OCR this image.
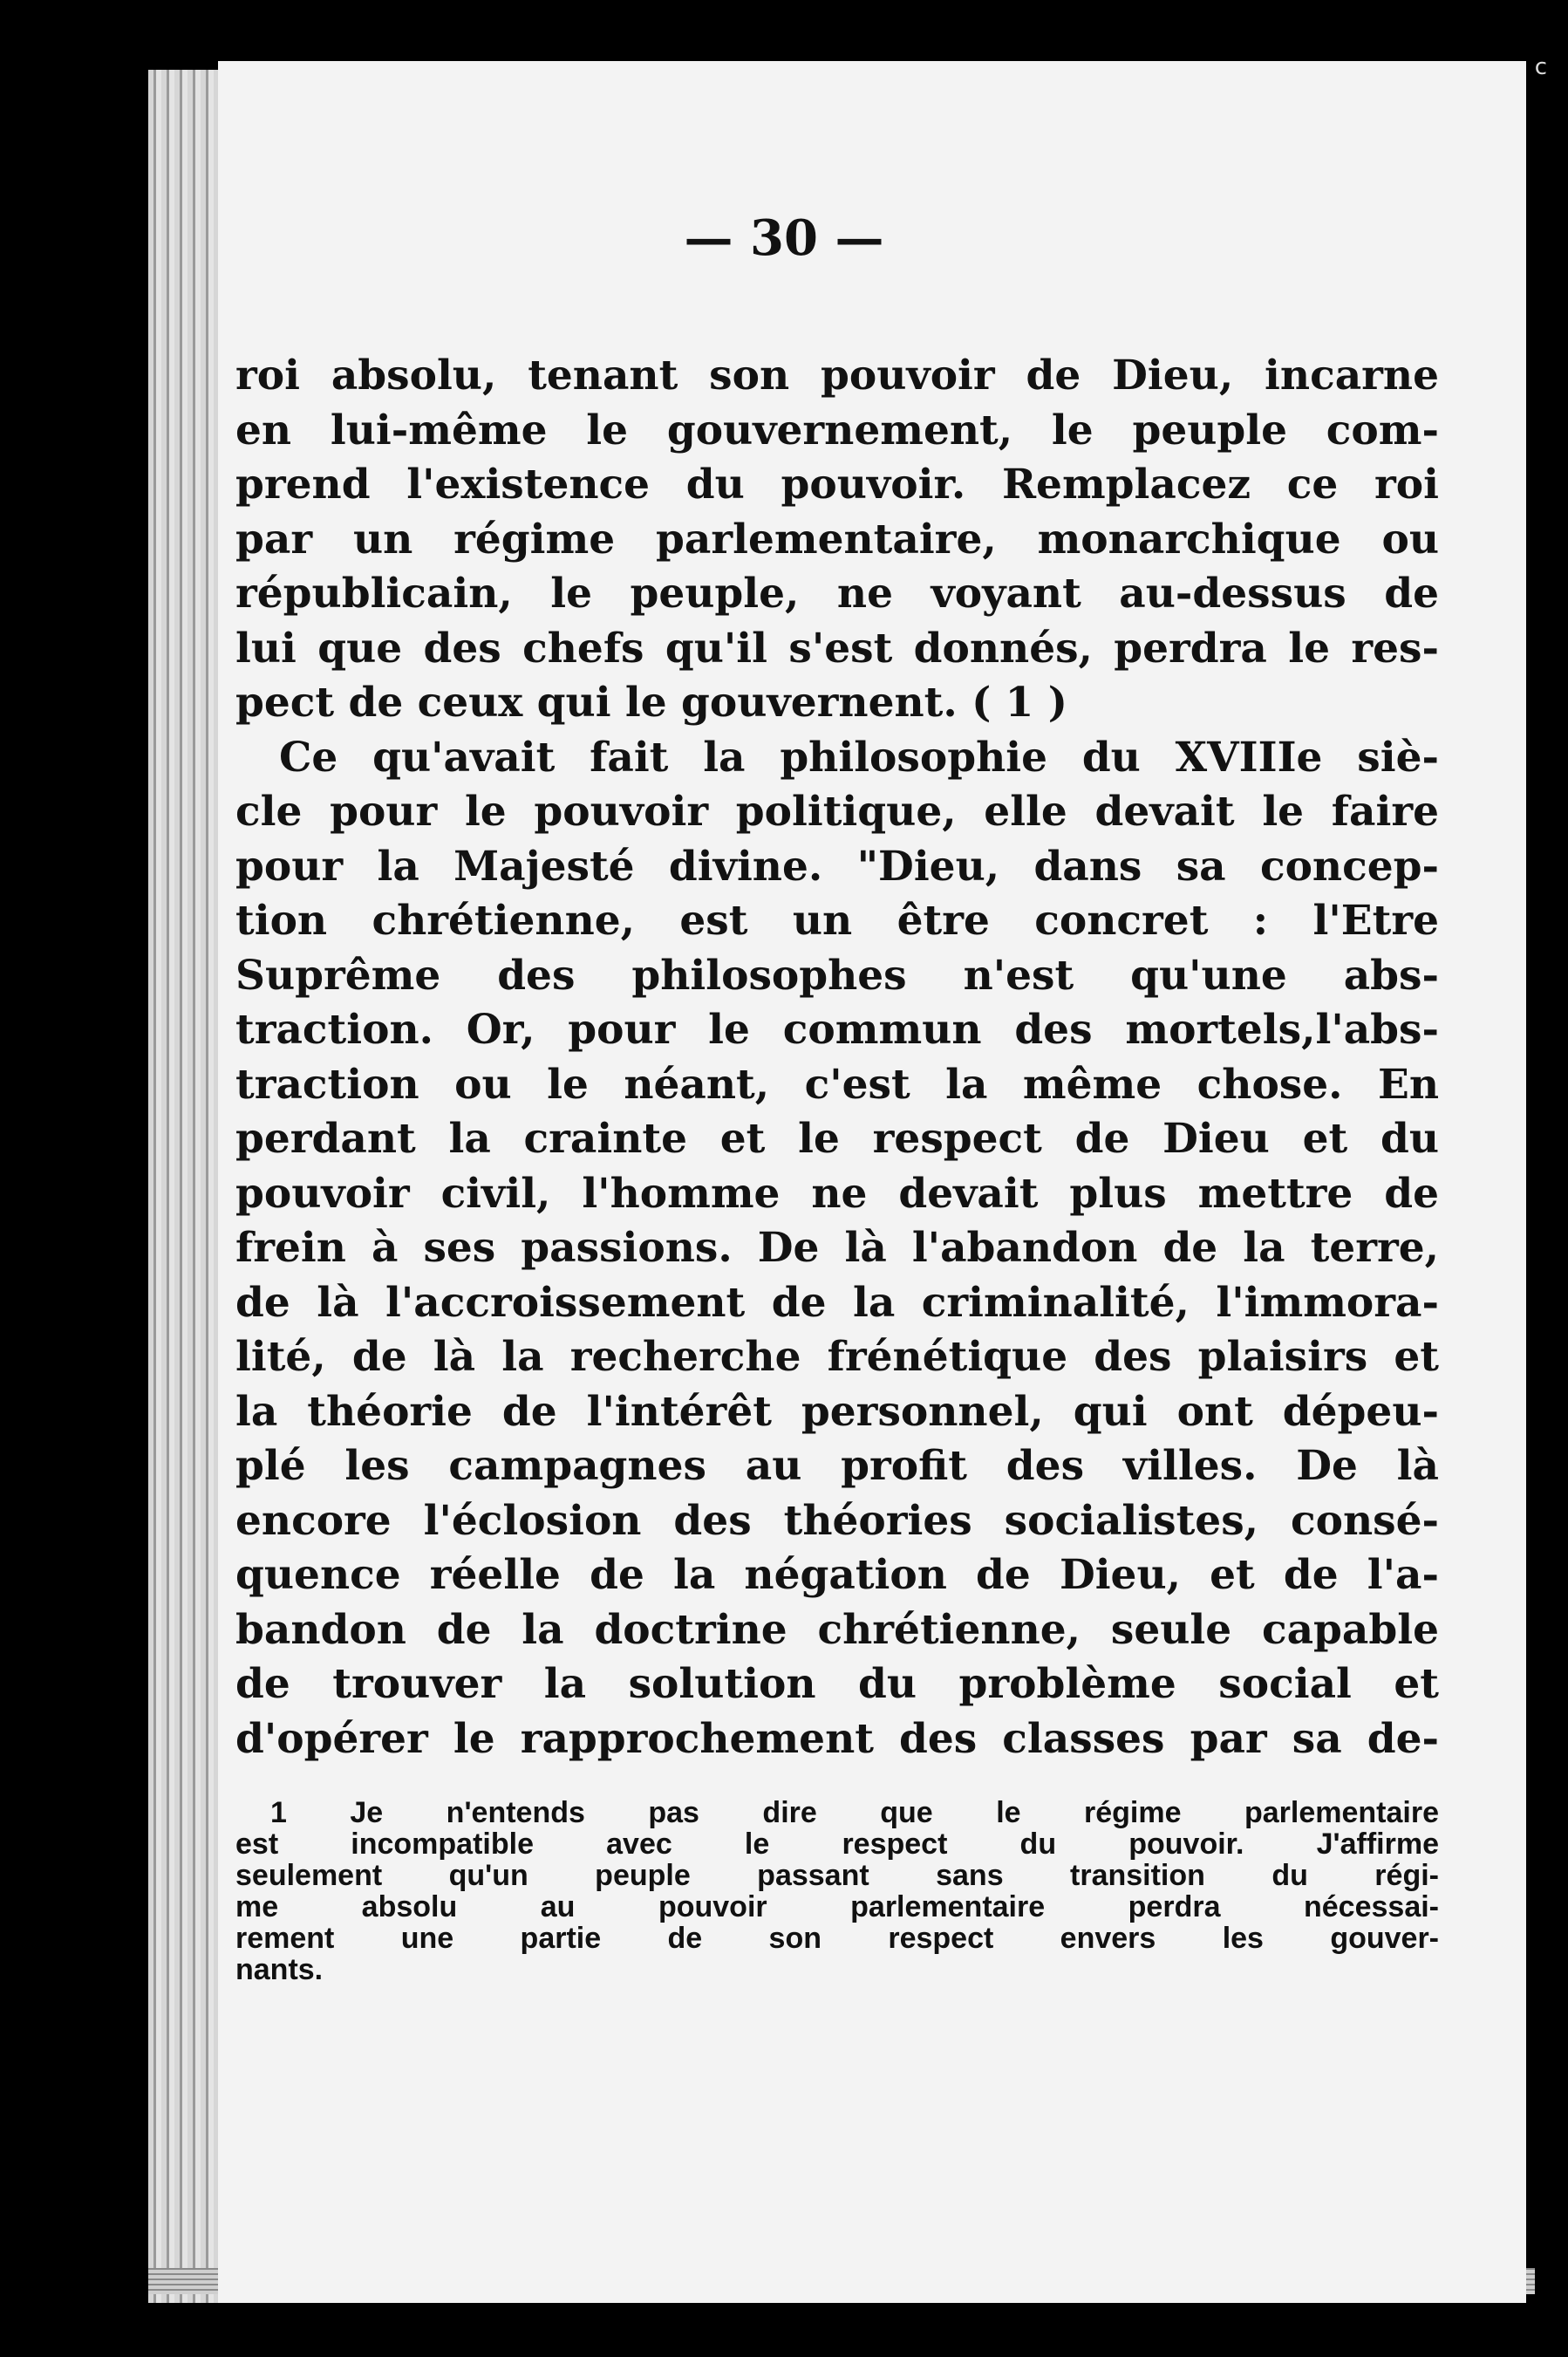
c
— 30 —
roi absolu, tenant son pouvoir de Dieu, incarne
en lui-même le gouvernement, le peuple com-
prend l'existence du pouvoir. Remplacez ce roi
par un régime parlementaire, monarchique ou
républicain, le peuple, ne voyant au-dessus de
lui que des chefs qu'il s'est donnés, perdra le res-
pect de ceux qui le gouvernent. ( 1 )
Ce qu'avait fait la philosophie du XVIIIe siè-
cle pour le pouvoir politique, elle devait le faire
pour la Majesté divine. "Dieu, dans sa concep-
tion chrétienne, est un être concret : l'Etre
Suprême des philosophes n'est qu'une abs-
traction. Or, pour le commun des mortels,l'abs-
traction ou le néant, c'est la même chose. En
perdant la crainte et le respect de Dieu et du
pouvoir civil, l'homme ne devait plus mettre de
frein à ses passions. De là l'abandon de la terre,
de là l'accroissement de la criminalité, l'immora-
lité, de là la recherche frénétique des plaisirs et
la théorie de l'intérêt personnel, qui ont dépeu-
plé les campagnes au profit des villes. De là
encore l'éclosion des théories socialistes, consé-
quence réelle de la négation de Dieu, et de l'a-
bandon de la doctrine chrétienne, seule capable
de trouver la solution du problème social et
d'opérer le rapprochement des classes par sa de-
1 Je n'entends pas dire que le régime parlementaire
est incompatible avec le respect du pouvoir. J'affirme
seulement qu'un peuple passant sans transition du régi-
me absolu au pouvoir parlementaire perdra nécessai-
rement une partie de son respect envers les gouver-
nants.
